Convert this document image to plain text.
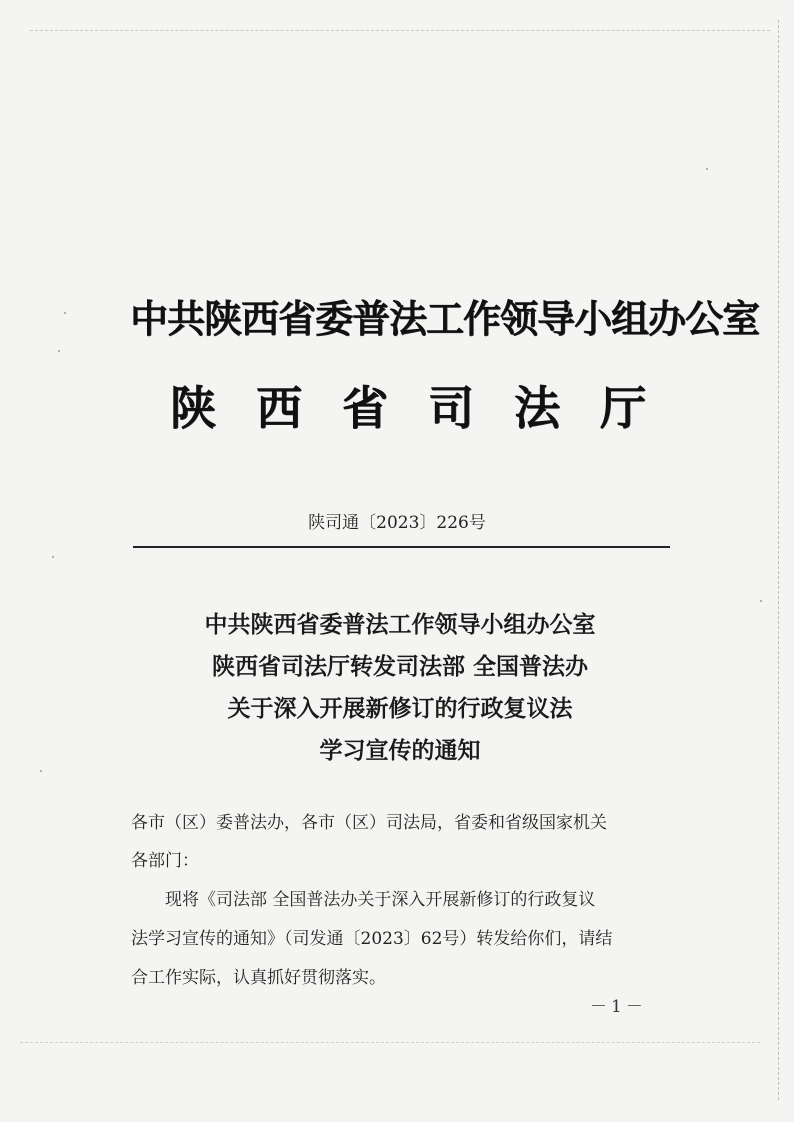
中共陕西省委普法工作领导小组办公室
陕西省司法厅
陕司通〔2023〕226号
中共陕西省委普法工作领导小组办公室
陕西省司法厅转发司法部 全国普法办
关于深入开展新修订的行政复议法
学习宣传的通知
各市（区）委普法办，各市（区）司法局，省委和省级国家机关
各部门：
现将《司法部 全国普法办关于深入开展新修订的行政复议
法学习宣传的通知》（司发通〔2023〕62号）转发给你们，请结
合工作实际，认真抓好贯彻落实。
－1－
